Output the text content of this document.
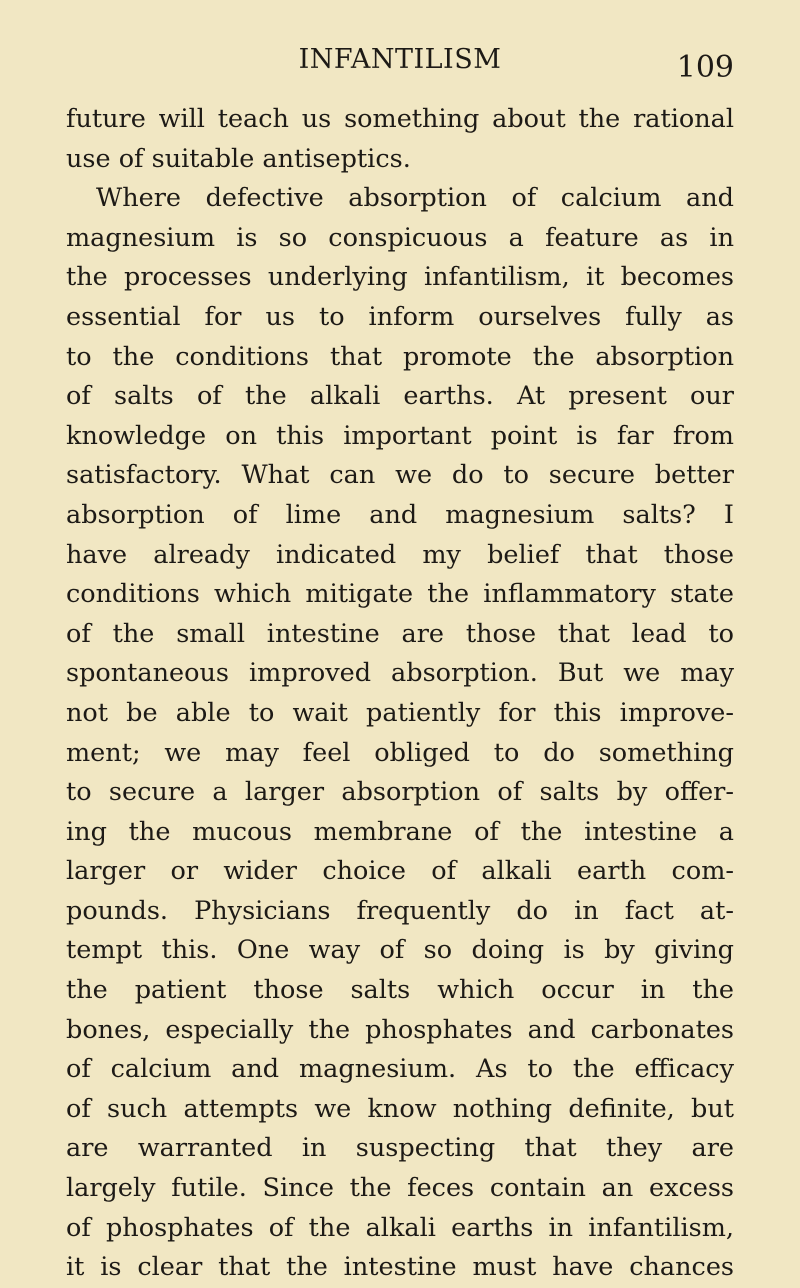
INFANTILISM	109
future will teach us something about the rational
use of suitable antiseptics.
Where defective absorption of calcium and
magnesium is so conspicuous a feature as in
the processes underlying infantilism, it becomes
essential for us to inform ourselves fully as
to the conditions that promote the absorption
of salts of the alkali earths. At present our
knowledge on this important point is far from
satisfactory. What can we do to secure better
absorption of lime and magnesium salts? I
have already indicated my belief that those
conditions which mitigate the inflammatory state
of the small intestine are those that lead to
spontaneous improved absorption. But we may
not be able to wait patiently for this improve-
ment; we may feel obliged to do something
to secure a larger absorption of salts by offer-
ing the mucous membrane of the intestine a
larger or wider choice of alkali earth com-
pounds. Physicians frequently do in fact at-
tempt this. One way of so doing is by giving
the patient those salts which occur in the
bones, especially the phosphates and carbonates
of calcium and magnesium. As to the efficacy
of such attempts we know nothing definite, but
are warranted in suspecting that they are
largely futile. Since the feces contain an excess
of phosphates of the alkali earths in infantilism,
it is clear that the intestine must have chances
